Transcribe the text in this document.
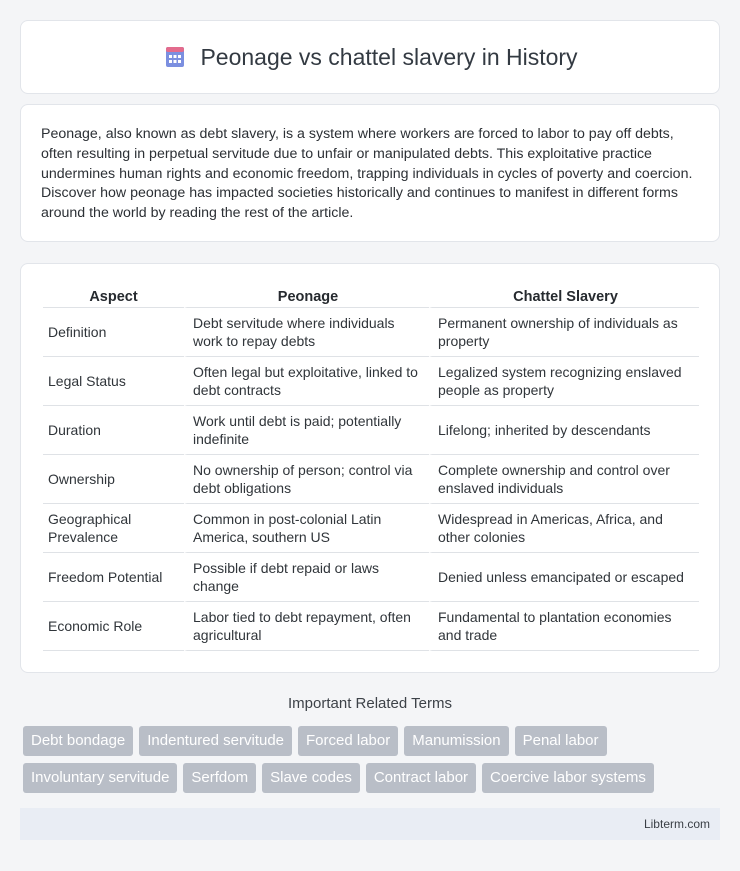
Peonage vs chattel slavery in History

Peonage, also known as debt slavery, is a system where workers are forced to labor to pay off debts, often resulting in perpetual servitude due to unfair or manipulated debts. This exploitative practice undermines human rights and economic freedom, trapping individuals in cycles of poverty and coercion. Discover how peonage has impacted societies historically and continues to manifest in different forms around the world by reading the rest of the article.

Aspect	Peonage	Chattel Slavery
Definition	Debt servitude where individuals work to repay debts	Permanent ownership of individuals as property
Legal Status	Often legal but exploitative, linked to debt contracts	Legalized system recognizing enslaved people as property
Duration	Work until debt is paid; potentially indefinite	Lifelong; inherited by descendants
Ownership	No ownership of person; control via debt obligations	Complete ownership and control over enslaved individuals
Geographical Prevalence	Common in post-colonial Latin America, southern US	Widespread in Americas, Africa, and other colonies
Freedom Potential	Possible if debt repaid or laws change	Denied unless emancipated or escaped
Economic Role	Labor tied to debt repayment, often agricultural	Fundamental to plantation economies and trade
Important Related Terms
Debt bondage	Indentured servitude	Forced labor	Manumission	Penal labor
Involuntary servitude	Serfdom	Slave codes	Contract labor	Coercive labor systems
Libterm.com
